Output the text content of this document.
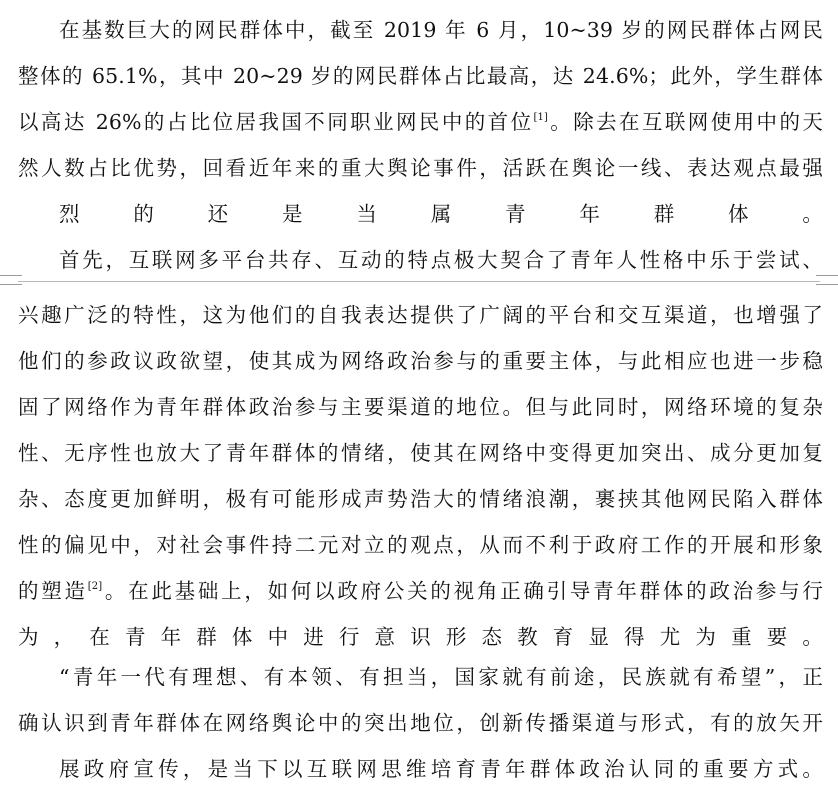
在基数巨大的网民群体中，截至 2019 年 6 月，10~39 岁的网民群体占网民
整体的 65.1%，其中 20~29 岁的网民群体占比最高，达 24.6%；此外，学生群体
以高达 26%的占比位居我国不同职业网民中的首位[1]。除去在互联网使用中的天
然人数占比优势，回看近年来的重大舆论事件，活跃在舆论一线、表达观点最强
烈的还是当属青年群体。

首先，互联网多平台共存、互动的特点极大契合了青年人性格中乐于尝试、

兴趣广泛的特性，这为他们的自我表达提供了广阔的平台和交互渠道，也增强了
他们的参政议政欲望，使其成为网络政治参与的重要主体，与此相应也进一步稳
固了网络作为青年群体政治参与主要渠道的地位。但与此同时，网络环境的复杂
性、无序性也放大了青年群体的情绪，使其在网络中变得更加突出、成分更加复
杂、态度更加鲜明，极有可能形成声势浩大的情绪浪潮，裹挟其他网民陷入群体
性的偏见中，对社会事件持二元对立的观点，从而不利于政府工作的开展和形象
的塑造[2]。在此基础上，如何以政府公关的视角正确引导青年群体的政治参与行
为，在青年群体中进行意识形态教育显得尤为重要。

“青年一代有理想、有本领、有担当，国家就有前途，民族就有希望”，正
确认识到青年群体在网络舆论中的突出地位，创新传播渠道与形式，有的放矢开
展政府宣传，是当下以互联网思维培育青年群体政治认同的重要方式。
